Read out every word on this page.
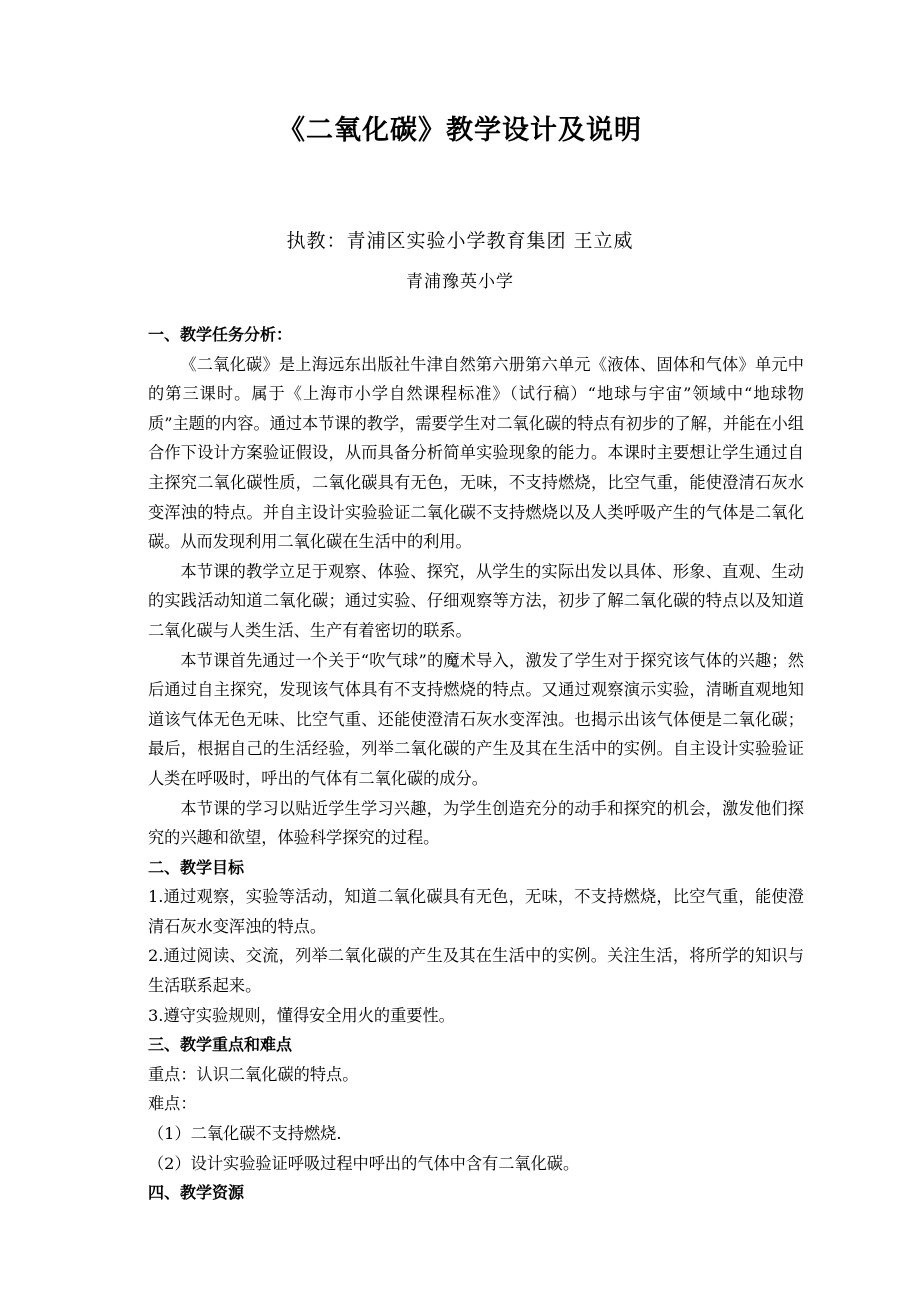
《二氧化碳》教学设计及说明
执教：青浦区实验小学教育集团 王立威
青浦豫英小学

一、教学任务分析：

《二氧化碳》是上海远东出版社牛津自然第六册第六单元《液体、固体和气体》单元中的第三课时。属于《上海市小学自然课程标准》（试行稿）“地球与宇宙”领域中“地球物质”主题的内容。通过本节课的教学，需要学生对二氧化碳的特点有初步的了解，并能在小组合作下设计方案验证假设，从而具备分析简单实验现象的能力。本课时主要想让学生通过自主探究二氧化碳性质，二氧化碳具有无色，无味，不支持燃烧，比空气重，能使澄清石灰水变浑浊的特点。并自主设计实验验证二氧化碳不支持燃烧以及人类呼吸产生的气体是二氧化碳。从而发现利用二氧化碳在生活中的利用。

本节课的教学立足于观察、体验、探究，从学生的实际出发以具体、形象、直观、生动的实践活动知道二氧化碳；通过实验、仔细观察等方法，初步了解二氧化碳的特点以及知道二氧化碳与人类生活、生产有着密切的联系。

本节课首先通过一个关于“吹气球”的魔术导入，激发了学生对于探究该气体的兴趣；然后通过自主探究，发现该气体具有不支持燃烧的特点。又通过观察演示实验，清晰直观地知道该气体无色无味、比空气重、还能使澄清石灰水变浑浊。也揭示出该气体便是二氧化碳；最后，根据自己的生活经验，列举二氧化碳的产生及其在生活中的实例。自主设计实验验证人类在呼吸时，呼出的气体有二氧化碳的成分。

本节课的学习以贴近学生学习兴趣，为学生创造充分的动手和探究的机会，激发他们探究的兴趣和欲望，体验科学探究的过程。

二、教学目标

1.通过观察，实验等活动，知道二氧化碳具有无色，无味，不支持燃烧，比空气重，能使澄清石灰水变浑浊的特点。

2.通过阅读、交流，列举二氧化碳的产生及其在生活中的实例。关注生活，将所学的知识与生活联系起来。

3.遵守实验规则，懂得安全用火的重要性。

三、教学重点和难点

重点：认识二氧化碳的特点。

难点：

（1）二氧化碳不支持燃烧.

（2）设计实验验证呼吸过程中呼出的气体中含有二氧化碳。

四、教学资源
